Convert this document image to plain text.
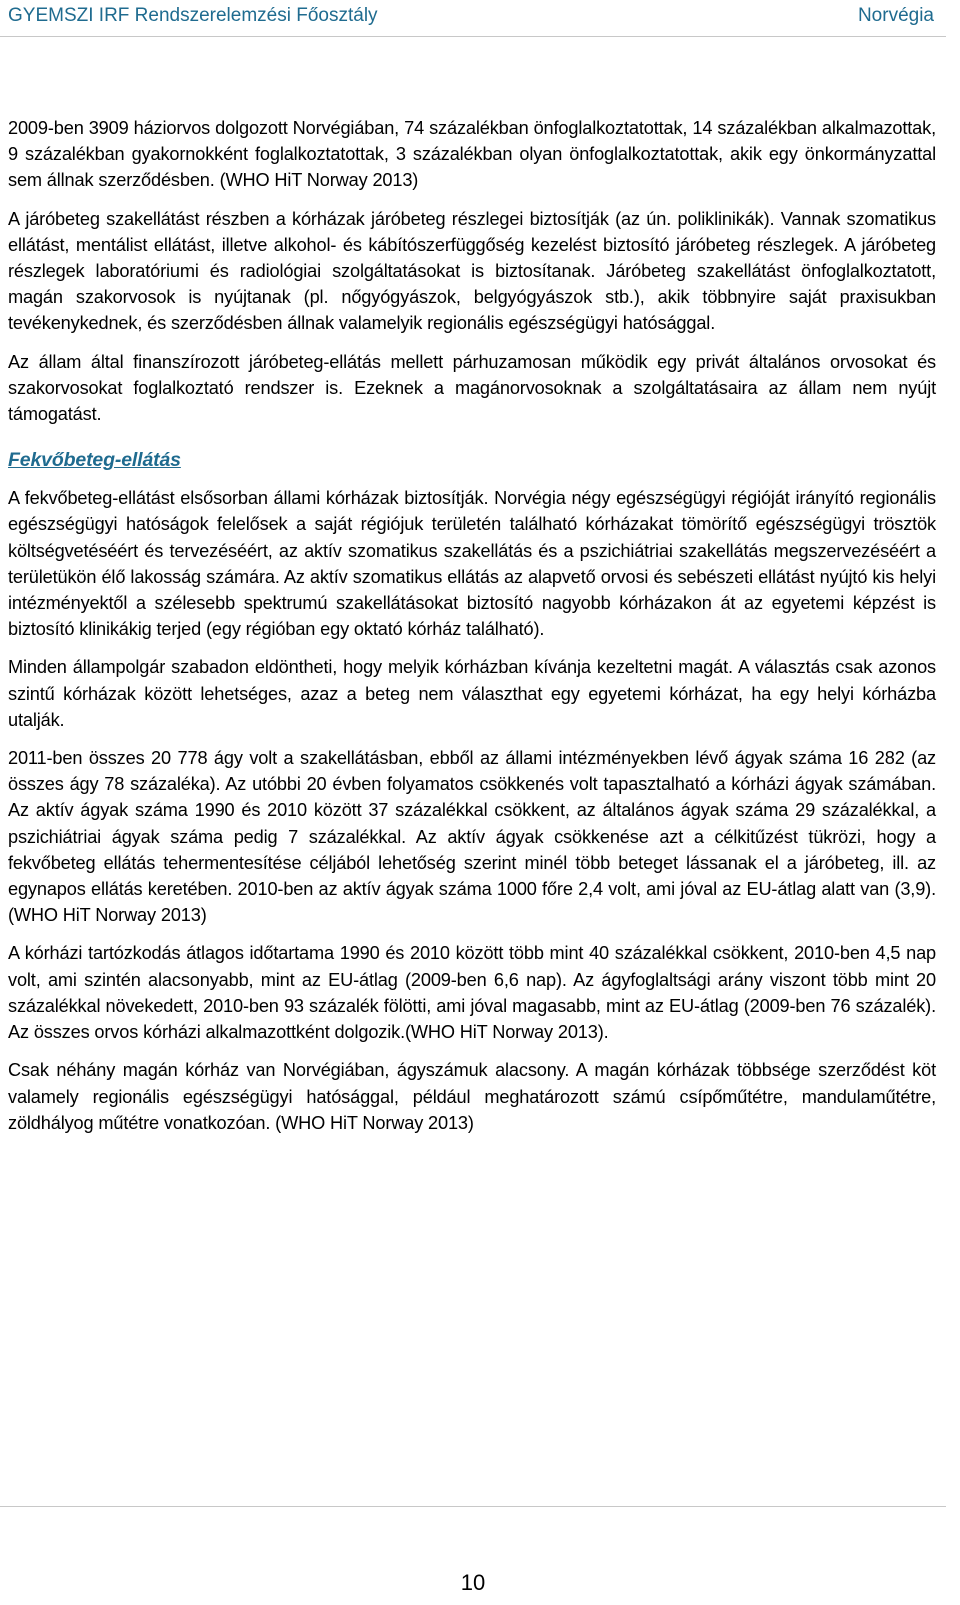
GYEMSZI IRF Rendszerelemzési Főosztály	Norvégia

2009-ben 3909 háziorvos dolgozott Norvégiában, 74 százalékban önfoglalkoztatottak, 14 százalékban alkalmazottak, 9 százalékban gyakornokként foglalkoztatottak, 3 százalékban olyan önfoglalkoztatottak, akik egy önkormányzattal sem állnak szerződésben. (WHO HiT Norway 2013)

A járóbeteg szakellátást részben a kórházak járóbeteg részlegei biztosítják (az ún. poliklinikák). Vannak szomatikus ellátást, mentálist ellátást, illetve alkohol- és kábítószerfüggőség kezelést biztosító járóbeteg részlegek. A járóbeteg részlegek laboratóriumi és radiológiai szolgáltatásokat is biztosítanak. Járóbeteg szakellátást önfoglalkoztatott, magán szakorvosok is nyújtanak (pl. nőgyógyászok, belgyógyászok stb.), akik többnyire saját praxisukban tevékenykednek, és szerződésben állnak valamelyik regionális egészségügyi hatósággal.

Az állam által finanszírozott járóbeteg-ellátás mellett párhuzamosan működik egy privát általános orvosokat és szakorvosokat foglalkoztató rendszer is. Ezeknek a magánorvosoknak a szolgáltatásaira az állam nem nyújt támogatást.

Fekvőbeteg-ellátás

A fekvőbeteg-ellátást elsősorban állami kórházak biztosítják. Norvégia négy egészségügyi régióját irányító regionális egészségügyi hatóságok felelősek a saját régiójuk területén található kórházakat tömörítő egészségügyi trösztök költségvetéséért és tervezéséért, az aktív szomatikus szakellátás és a pszichiátriai szakellátás megszervezéséért a területükön élő lakosság számára. Az aktív szomatikus ellátás az alapvető orvosi és sebészeti ellátást nyújtó kis helyi intézményektől a szélesebb spektrumú szakellátásokat biztosító nagyobb kórházakon át az egyetemi képzést is biztosító klinikákig terjed (egy régióban egy oktató kórház található).

Minden állampolgár szabadon eldöntheti, hogy melyik kórházban kívánja kezeltetni magát. A választás csak azonos szintű kórházak között lehetséges, azaz a beteg nem választhat egy egyetemi kórházat, ha egy helyi kórházba utalják.

2011-ben összes 20 778 ágy volt a szakellátásban, ebből az állami intézményekben lévő ágyak száma 16 282 (az összes ágy 78 százaléka). Az utóbbi 20 évben folyamatos csökkenés volt tapasztalható a kórházi ágyak számában. Az aktív ágyak száma 1990 és 2010 között 37 százalékkal csökkent, az általános ágyak száma 29 százalékkal, a pszichiátriai ágyak száma pedig 7 százalékkal. Az aktív ágyak csökkenése azt a célkitűzést tükrözi, hogy a fekvőbeteg ellátás tehermentesítése céljából lehetőség szerint minél több beteget lássanak el a járóbeteg, ill. az egynapos ellátás keretében. 2010-ben az aktív ágyak száma 1000 főre 2,4 volt, ami jóval az EU-átlag alatt van (3,9). (WHO HiT Norway 2013)

A kórházi tartózkodás átlagos időtartama 1990 és 2010 között több mint 40 százalékkal csökkent, 2010-ben 4,5 nap volt, ami szintén alacsonyabb, mint az EU-átlag (2009-ben 6,6 nap). Az ágyfoglaltsági arány viszont több mint 20 százalékkal növekedett, 2010-ben 93 százalék fölötti, ami jóval magasabb, mint az EU-átlag (2009-ben 76 százalék). Az összes orvos kórházi alkalmazottként dolgozik.(WHO HiT Norway 2013).

Csak néhány magán kórház van Norvégiában, ágyszámuk alacsony. A magán kórházak többsége szerződést köt valamely regionális egészségügyi hatósággal, például meghatározott számú csípőműtétre, mandulaműtétre, zöldhályog műtétre vonatkozóan. (WHO HiT Norway 2013)

10
